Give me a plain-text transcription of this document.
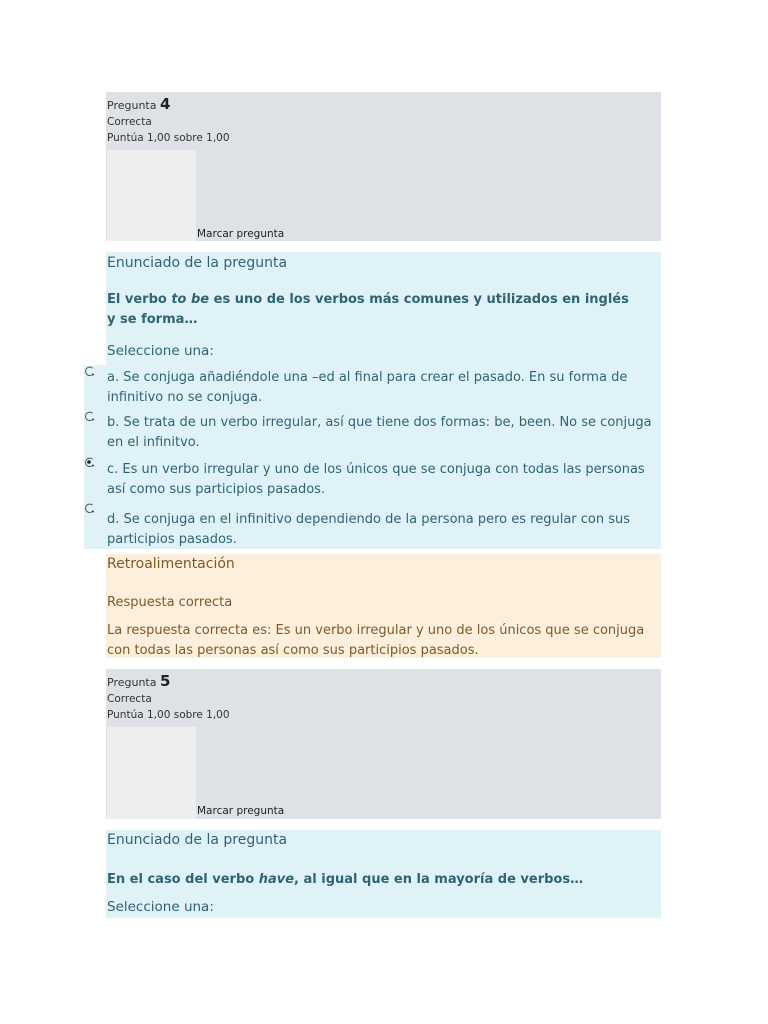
Pregunta 4
Correcta
Puntúa 1,00 sobre 1,00
Marcar pregunta
Enunciado de la pregunta
El verbo to be es uno de los verbos más comunes y utilizados en inglés y se forma…
Seleccione una:
a. Se conjuga añadiéndole una –ed al final para crear el pasado. En su forma de infinitivo no se conjuga.
b. Se trata de un verbo irregular, así que tiene dos formas: be, been. No se conjuga en el infinitvo.
c. Es un verbo irregular y uno de los únicos que se conjuga con todas las personas así como sus participios pasados.
d. Se conjuga en el infinitivo dependiendo de la persona pero es regular con sus participios pasados.
Retroalimentación
Respuesta correcta
La respuesta correcta es: Es un verbo irregular y uno de los únicos que se conjuga con todas las personas así como sus participios pasados.
Pregunta 5
Correcta
Puntúa 1,00 sobre 1,00
Marcar pregunta
Enunciado de la pregunta
En el caso del verbo have, al igual que en la mayoría de verbos…
Seleccione una:
